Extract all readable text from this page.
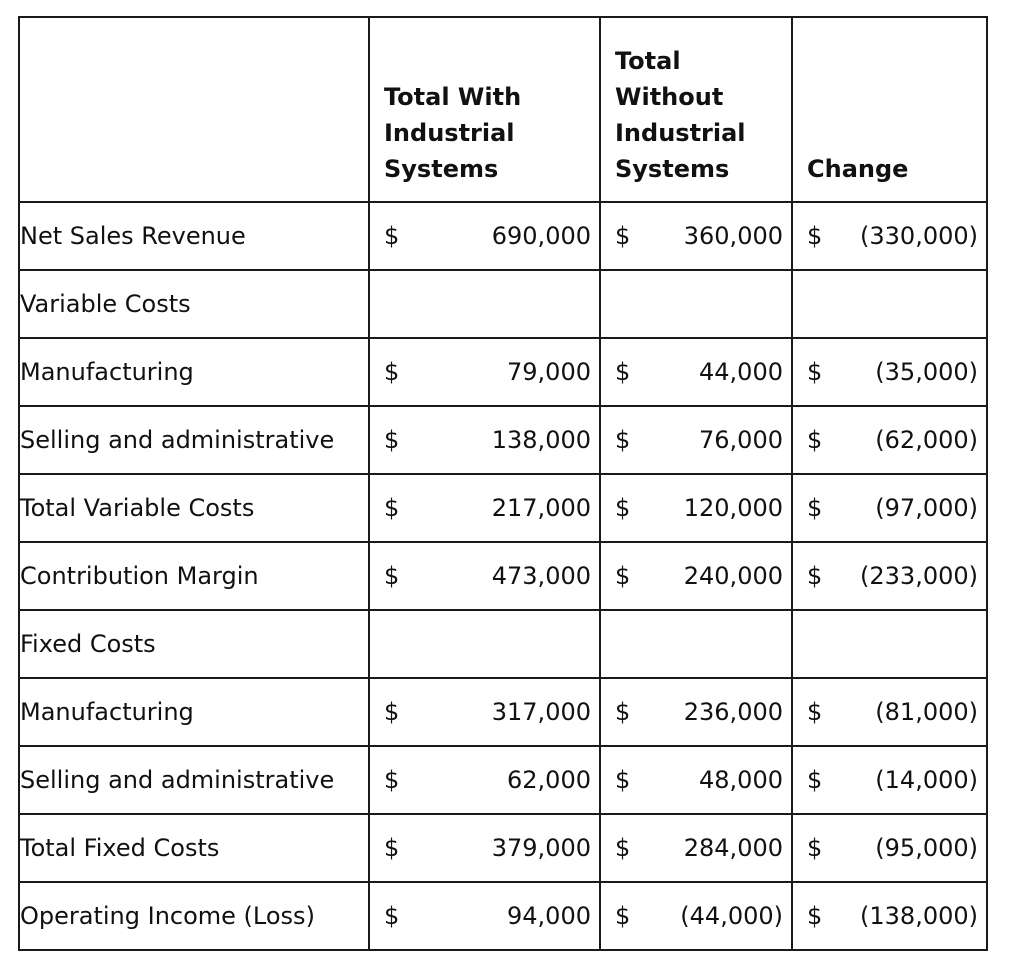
	Total With Industrial Systems	Total Without Industrial Systems	Change
Net Sales Revenue	$ 690,000	$ 360,000	$ (330,000)

Variable Costs			
Manufacturing	$ 79,000	$ 44,000	$ (35,000)

Selling and administrative	$ 138,000	$ 76,000	$ (62,000)

Total Variable Costs	$ 217,000	$ 120,000	$ (97,000)

Contribution Margin	$ 473,000	$ 240,000	$ (233,000)

Fixed Costs			
Manufacturing	$ 317,000	$ 236,000	$ (81,000)

Selling and administrative	$ 62,000	$ 48,000	$ (14,000)

Total Fixed Costs	$ 379,000	$ 284,000	$ (95,000)

Operating Income (Loss)	$ 94,000	$ (44,000)	$ (138,000)
